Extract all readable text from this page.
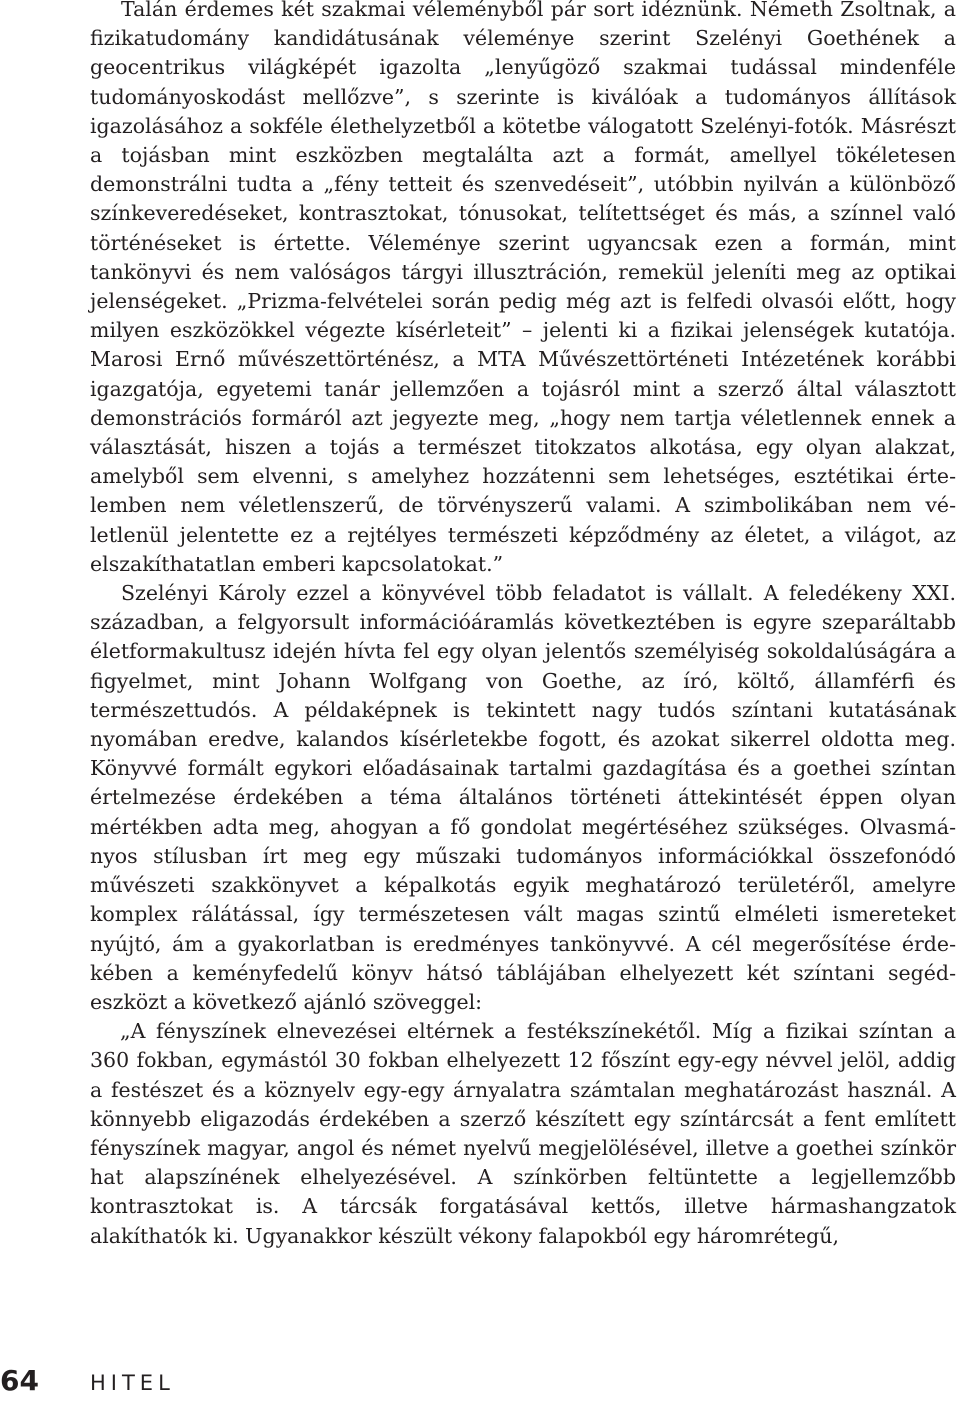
Talán érdemes két szakmai véleményből pár sort idéznünk. Németh Zsoltnak, a fizikatudomány kandidátusának véleménye szerint Szelényi Goethének a geocentrikus világképét igazolta „lenyűgöző szakmai tudással mindenféle tudományoskodást mellőzve”, s szerinte is kiválóak a tudományos állítások igazolásához a sokféle élethelyzetből a kötetbe válogatott Szelényi-fotók. Másrészt a tojásban mint eszközben megtalálta azt a formát, amellyel tökéletesen demonstrálni tudta a „fény tetteit és szenvedéseit”, utóbbin nyilván a különböző színkeveredéseket, kontrasztokat, tónusokat, telítettséget és más, a színnel való történéseket is értette. Véleménye szerint ugyancsak ezen a formán, mint tankönyvi és nem valóságos tárgyi illusztráción, remekül jeleníti meg az optikai jelenségeket. „Prizma-felvételei során pedig még azt is felfedi olvasói előtt, hogy milyen eszközökkel végezte kísérleteit” – jelenti ki a fizikai jelenségek kutatója. Marosi Ernő művészettörténész, a MTA Művészettörténeti Intézetének korábbi igazgatója, egyetemi tanár jellemzően a tojásról mint a szerző által választott demonstrációs formáról azt jegyezte meg, „hogy nem tartja véletlennek ennek a választását, hiszen a tojás a természet titokzatos alkotása, egy olyan alakzat, amelyből sem elvenni, s amelyhez hozzátenni sem lehetséges, esztétikai értelemben nem véletlenszerű, de törvényszerű valami. A szimbolikában nem véletlenül jelentette ez a rejtélyes természeti képződmény az életet, a világot, az elszakíthatatlan emberi kapcsolatokat.”

Szelényi Károly ezzel a könyvével több feladatot is vállalt. A feledékeny XXI. században, a felgyorsult információáramlás következtében is egyre szeparáltabb életformakultusz idején hívta fel egy olyan jelentős személyiség sokoldalúságára a figyelmet, mint Johann Wolfgang von Goethe, az író, költő, államférfi és természettudós. A példaképnek is tekintett nagy tudós színtani kutatásának nyomában eredve, kalandos kísérletekbe fogott, és azokat sikerrel oldotta meg. Könyvvé formált egykori előadásainak tartalmi gazdagítása és a goethei színtan értelmezése érdekében a téma általános történeti áttekintését éppen olyan mértékben adta meg, ahogyan a fő gondolat megértéséhez szükséges. Olvasmányos stílusban írt meg egy műszaki tudományos információkkal összefonódó művészeti szakkönyvet a képalkotás egyik meghatározó területéről, amelyre komplex rálátással, így természetesen vált magas szintű elméleti ismereteket nyújtó, ám a gyakorlatban is eredményes tankönyvvé. A cél megerősítése érdekében a keményfedelű könyv hátsó táblájában elhelyezett két színtani segédeszközt a következő ajánló szöveggel:

„A fényszínek elnevezései eltérnek a festékszínekétől. Míg a fizikai színtan a 360 fokban, egymástól 30 fokban elhelyezett 12 főszínt egy-egy névvel jelöl, addig a festészet és a köznyelv egy-egy árnyalatra számtalan meghatározást használ. A könnyebb eligazodás érdekében a szerző készített egy színtárcsát a fent említett fényszínek magyar, angol és német nyelvű megjelölésével, illetve a goethei színkör hat alapszínének elhelyezésével. A színkörben feltüntette a legjellemzőbb kontrasztokat is. A tárcsák forgatásával kettős, illetve hármashangzatok alakíthatók ki. Ugyanakkor készült vékony falapokból egy háromrétegű,

64 HITEL
